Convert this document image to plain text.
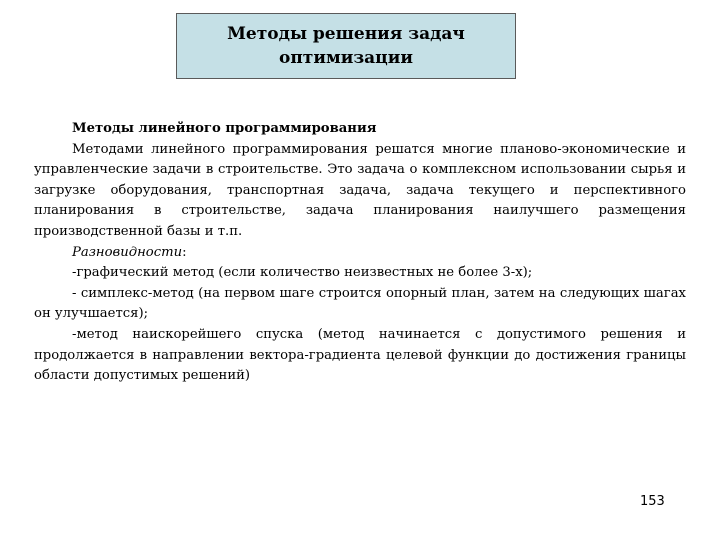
Методы решения задач оптимизации

Методы линейного программирования

Методами линейного программирования решатся многие планово-экономические и управленческие задачи в строительстве. Это задача о комплексном использовании сырья и загрузке оборудования, транспортная задача, задача текущего и перспективного планирования в строительстве, задача планирования наилучшего размещения производственной базы и т.п.

Разновидности:

-графический метод (если количество неизвестных не более 3-х);

- симплекс-метод (на первом шаге строится опорный план, затем на следующих шагах он улучшается);

-метод наискорейшего спуска (метод начинается с допустимого решения и продолжается в направлении вектора-градиента целевой функции до достижения границы области допустимых решений)

153
